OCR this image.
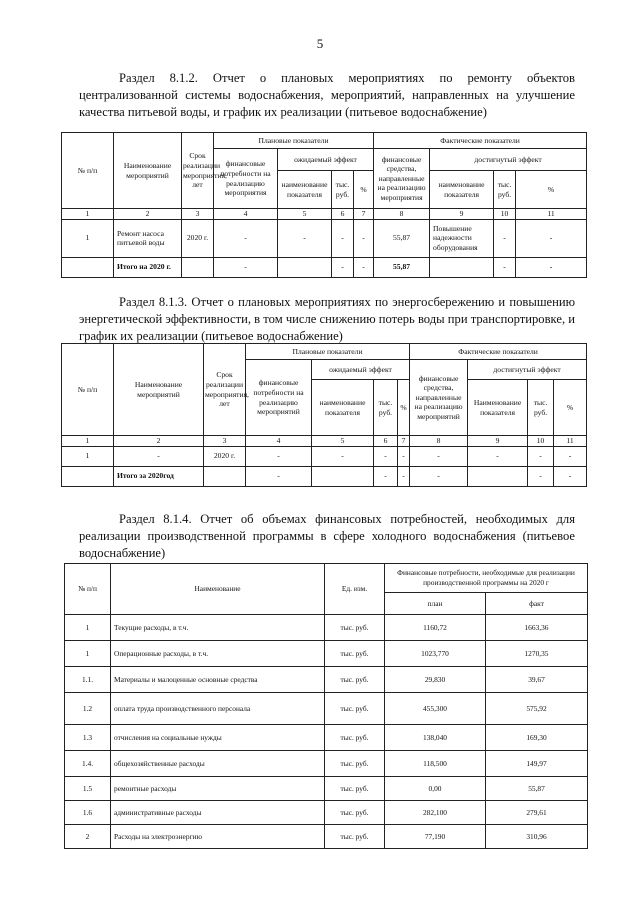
5
Раздел 8.1.2. Отчет о плановых мероприятиях по ремонту объектов централизованной системы водоснабжения, мероприятий, направленных на улучшение качества питьевой воды, и график их реализации (питьевое водоснабжение)
№ п/п	Наименование мероприятий	Срок реализации мероприятия, лет	Плановые показатели				Фактические показатели			
			финансовые потребности на реализацию мероприятия	ожидаемый эффект			финансовые средства, направленные на реализацию мероприятия	достигнутый эффект		
				наименование показателя	тыс. руб.	%		наименование показателя	тыс. руб.	%
1	2	3	4	5	6	7	8	9	10	11
1	Ремонт насоса питьевой воды	2020 г.	-	-	-	-	55,87	Повышение надежности оборудования	-	-
	Итого на 2020 г.		-		-	-	55,87		-	-
Раздел 8.1.3. Отчет о плановых мероприятиях по энергосбережению и повышению энергетической эффективности, в том числе снижению потерь воды при транспортировке, и график их реализации (питьевое водоснабжение)
№ п/п	Наименование мероприятий	Срок реализации мероприятия, лет	Плановые показатели				Фактические показатели			
			финансовые потребности на реализацию мероприятий	ожидаемый эффект			финансовые средства, направленные на реализацию мероприятий	достигнутый эффект		
				наименование показателя	тыс. руб.	%		Наименование показателя	тыс. руб.	%
1	2	3	4	5	6	7	8	9	10	11
1	-	2020 г.	-	-	-	-	-	-	-	-
	Итого за 2020год		-		-	-	-		-	-
Раздел 8.1.4. Отчет об объемах финансовых потребностей, необходимых для реализации производственной программы в сфере холодного водоснабжения (питьевое водоснабжение)
№ п/п	Наименование	Ед. изм.	Финансовые потребности, необходимые для реализации производственной программы на 2020 г	
			план	факт
1	Текущие расходы, в т.ч.	тыс. руб.	1160,72	1663,36
1	Операционные расходы, в т.ч.	тыс. руб.	1023,770	1270,35
1.1.	Материалы и малоценные основные средства	тыс. руб.	29,830	39,67
1.2	оплата труда производственного персонала	тыс. руб.	455,300	575,92
1.3	отчисления на социальные нужды	тыс. руб.	138,040	169,30
1.4.	общехозяйственные расходы	тыс. руб.	118,500	149,97
1.5	ремонтные расходы	тыс. руб.	0,00	55,87
1.6	административные расходы	тыс. руб.	282,100	279,61
2	Расходы на электроэнергию	тыс. руб.	77,190	310,96
